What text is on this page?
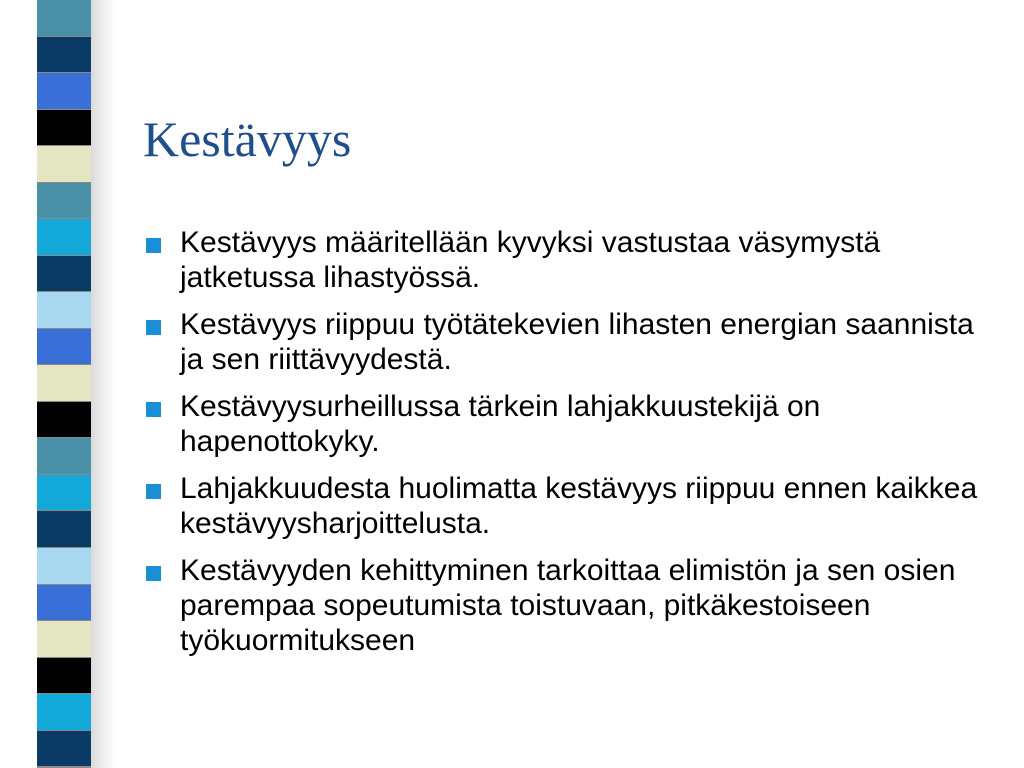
Kestävyys
Kestävyys määritellään kyvyksi vastustaa väsymystä jatketussa lihastyössä.
Kestävyys riippuu työtätekevien lihasten energian saannista ja sen riittävyydestä.
Kestävyysurheillussa tärkein lahjakkuustekijä on hapenottokyky.
Lahjakkuudesta huolimatta kestävyys riippuu ennen kaikkea kestävyysharjoittelusta.
Kestävyyden kehittyminen tarkoittaa elimistön ja sen osien parempaa sopeutumista toistuvaan, pitkäkestoiseen työkuormitukseen
